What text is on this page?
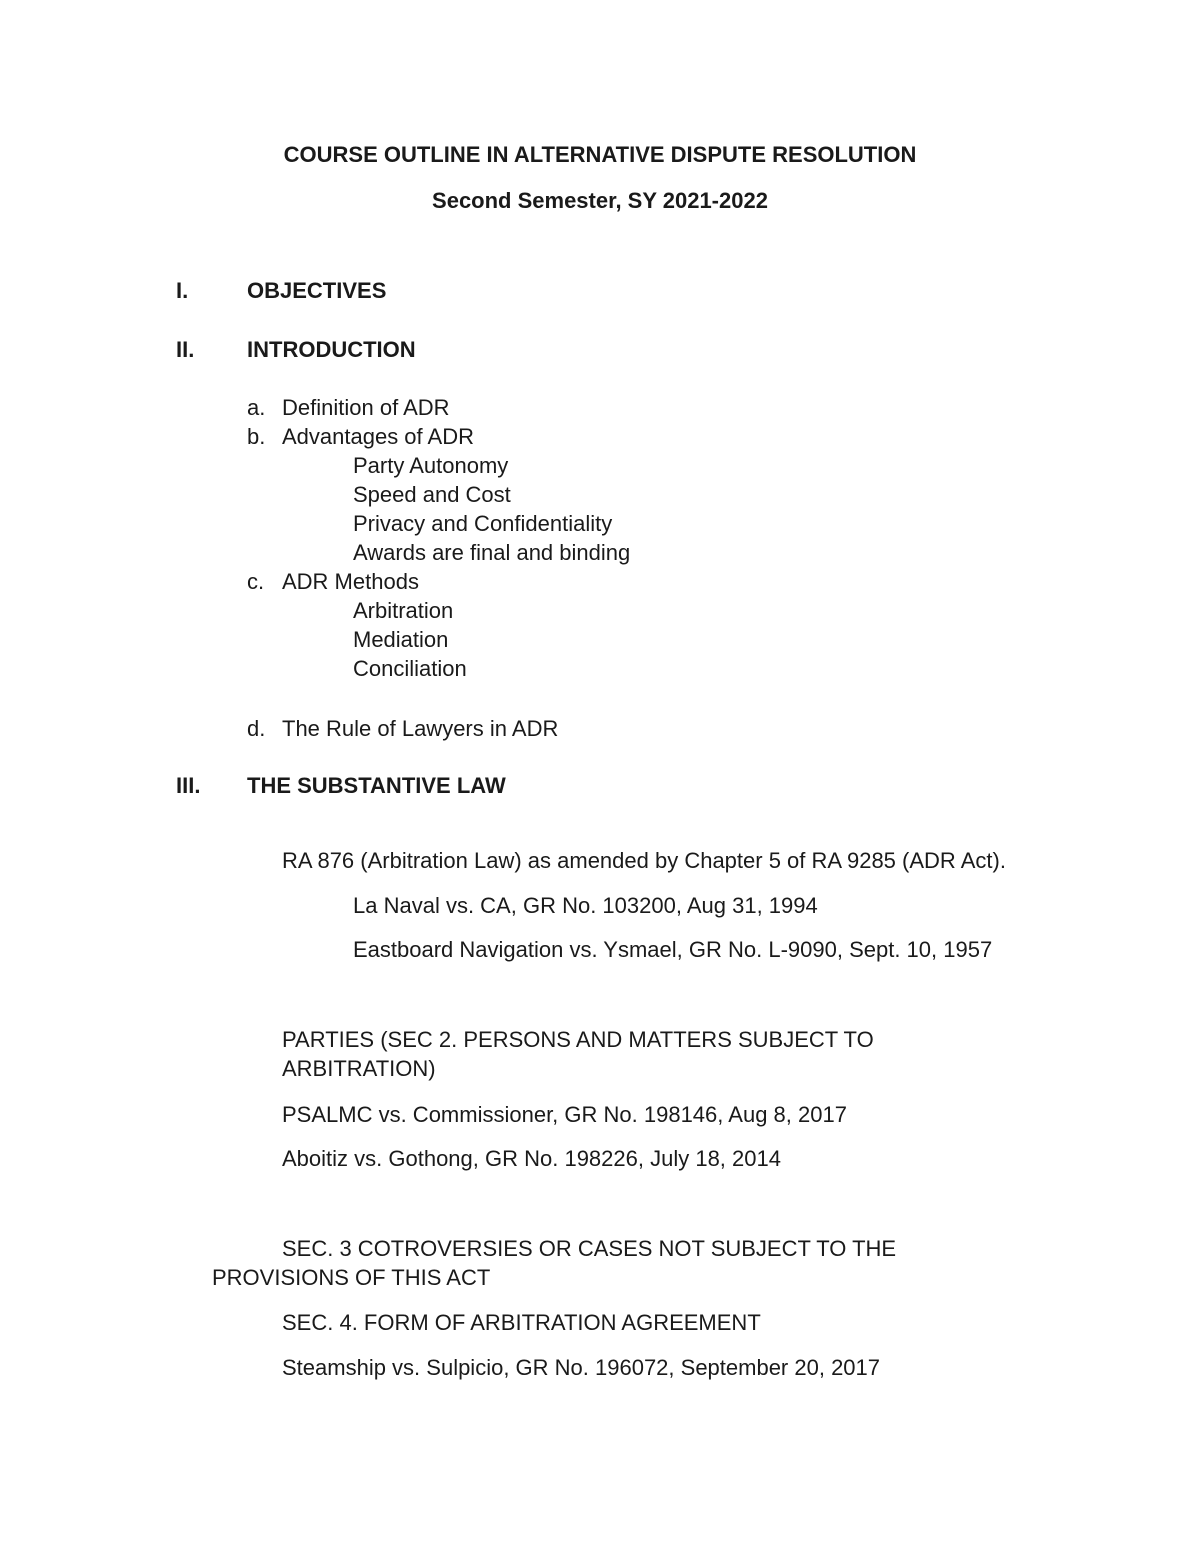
COURSE OUTLINE IN ALTERNATIVE DISPUTE RESOLUTION
Second Semester, SY 2021-2022
I.	OBJECTIVES
II. INTRODUCTION
a. Definition of ADR
b. Advantages of ADR
Party Autonomy
Speed and Cost
Privacy and Confidentiality
Awards are final and binding
c. ADR Methods
Arbitration
Mediation
Conciliation
d. The Rule of Lawyers in ADR
III. THE SUBSTANTIVE LAW
RA 876 (Arbitration Law) as amended by Chapter 5 of RA 9285 (ADR Act).
La Naval vs. CA, GR No. 103200, Aug 31, 1994
Eastboard Navigation vs. Ysmael, GR No. L-9090, Sept. 10, 1957
PARTIES (SEC 2. PERSONS AND MATTERS SUBJECT TO
ARBITRATION)
PSALMC vs. Commissioner, GR No. 198146, Aug 8, 2017
Aboitiz vs. Gothong, GR No. 198226, July 18, 2014
SEC. 3 COTROVERSIES OR CASES NOT SUBJECT TO THE
PROVISIONS OF THIS ACT
SEC. 4. FORM OF ARBITRATION AGREEMENT
Steamship vs. Sulpicio, GR No. 196072, September 20, 2017
